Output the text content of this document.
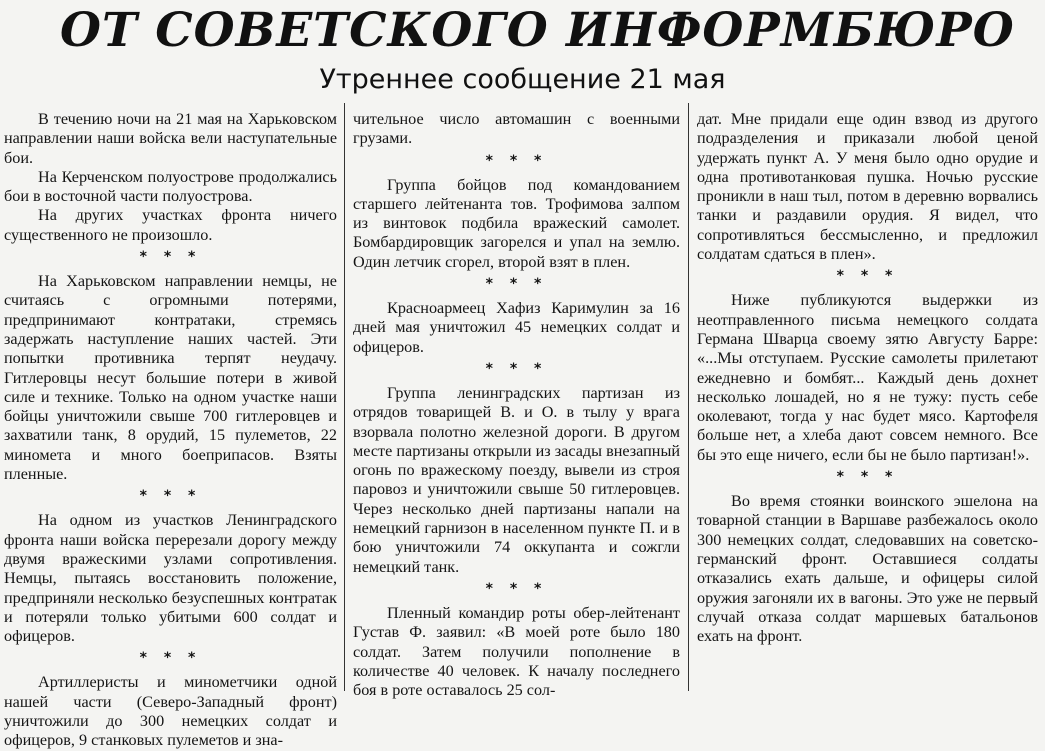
ОТ СОВЕТСКОГО ИНФОРМБЮРО
Утреннее сообщение 21 мая

В течению ночи на 21 мая на Харьковском направлении наши войска вели наступательные бои.

На Керченском полуострове продолжались бои в восточной части полуострова.

На других участках фронта ничего существенного не произошло.

* * *

На Харьковском направлении немцы, не считаясь с огромными потерями, предпринимают контратаки, стремясь задержать наступление наших частей. Эти попытки противника терпят неудачу. Гитлеровцы несут большие потери в живой силе и технике. Только на одном участке наши бойцы уничтожили свыше 700 гитлеровцев и захватили танк, 8 орудий, 15 пулеметов, 22 миномета и много боеприпасов. Взяты пленные.

* * *

На одном из участков Ленинградского фронта наши войска перерезали дорогу между двумя вражескими узлами сопротивления. Немцы, пытаясь восстановить положение, предприняли несколько безуспешных контратак и потеряли только убитыми 600 солдат и офицеров.

* * *

Артиллеристы и минометчики одной нашей части (Северо-Западный фронт) уничтожили до 300 немецких солдат и офицеров, 9 станковых пулеметов и зна-

чительное число автомашин с военными грузами.

* * *

Группа бойцов под командованием старшего лейтенанта тов. Трофимова залпом из винтовок подбила вражеский самолет. Бомбардировщик загорелся и упал на землю. Один летчик сгорел, второй взят в плен.

* * *

Красноармеец Хафиз Каримулин за 16 дней мая уничтожил 45 немецких солдат и офицеров.

* * *

Группа ленинградских партизан из отрядов товарищей В. и О. в тылу у врага взорвала полотно железной дороги. В другом месте партизаны открыли из засады внезапный огонь по вражескому поезду, вывели из строя паровоз и уничтожили свыше 50 гитлеровцев. Через несколько дней партизаны напали на немецкий гарнизон в населенном пункте П. и в бою уничтожили 74 оккупанта и сожгли немецкий танк.

* * *

Пленный командир роты обер-лейтенант Густав Ф. заявил: «В моей роте было 180 солдат. Затем получили пополнение в количестве 40 человек. К началу последнего боя в роте оставалось 25 сол-

дат. Мне придали еще один взвод из другого подразделения и приказали любой ценой удержать пункт А. У меня было одно орудие и одна противотанковая пушка. Ночью русские проникли в наш тыл, потом в деревню ворвались танки и раздавили орудия. Я видел, что сопротивляться бессмысленно, и предложил солдатам сдаться в плен».

* * *

Ниже публикуются выдержки из неотправленного письма немецкого солдата Германа Шварца своему зятю Августу Барре: «...Мы отступаем. Русские самолеты прилетают ежедневно и бомбят... Каждый день дохнет несколько лошадей, но я не тужу: пусть себе околевают, тогда у нас будет мясо. Картофеля больше нет, а хлеба дают совсем немного. Все бы это еще ничего, если бы не было партизан!».

* * *

Во время стоянки воинского эшелона на товарной станции в Варшаве разбежалось около 300 немецких солдат, следовавших на советско-германский фронт. Оставшиеся солдаты отказались ехать дальше, и офицеры силой оружия загоняли их в вагоны. Это уже не первый случай отказа солдат маршевых батальонов ехать на фронт.
